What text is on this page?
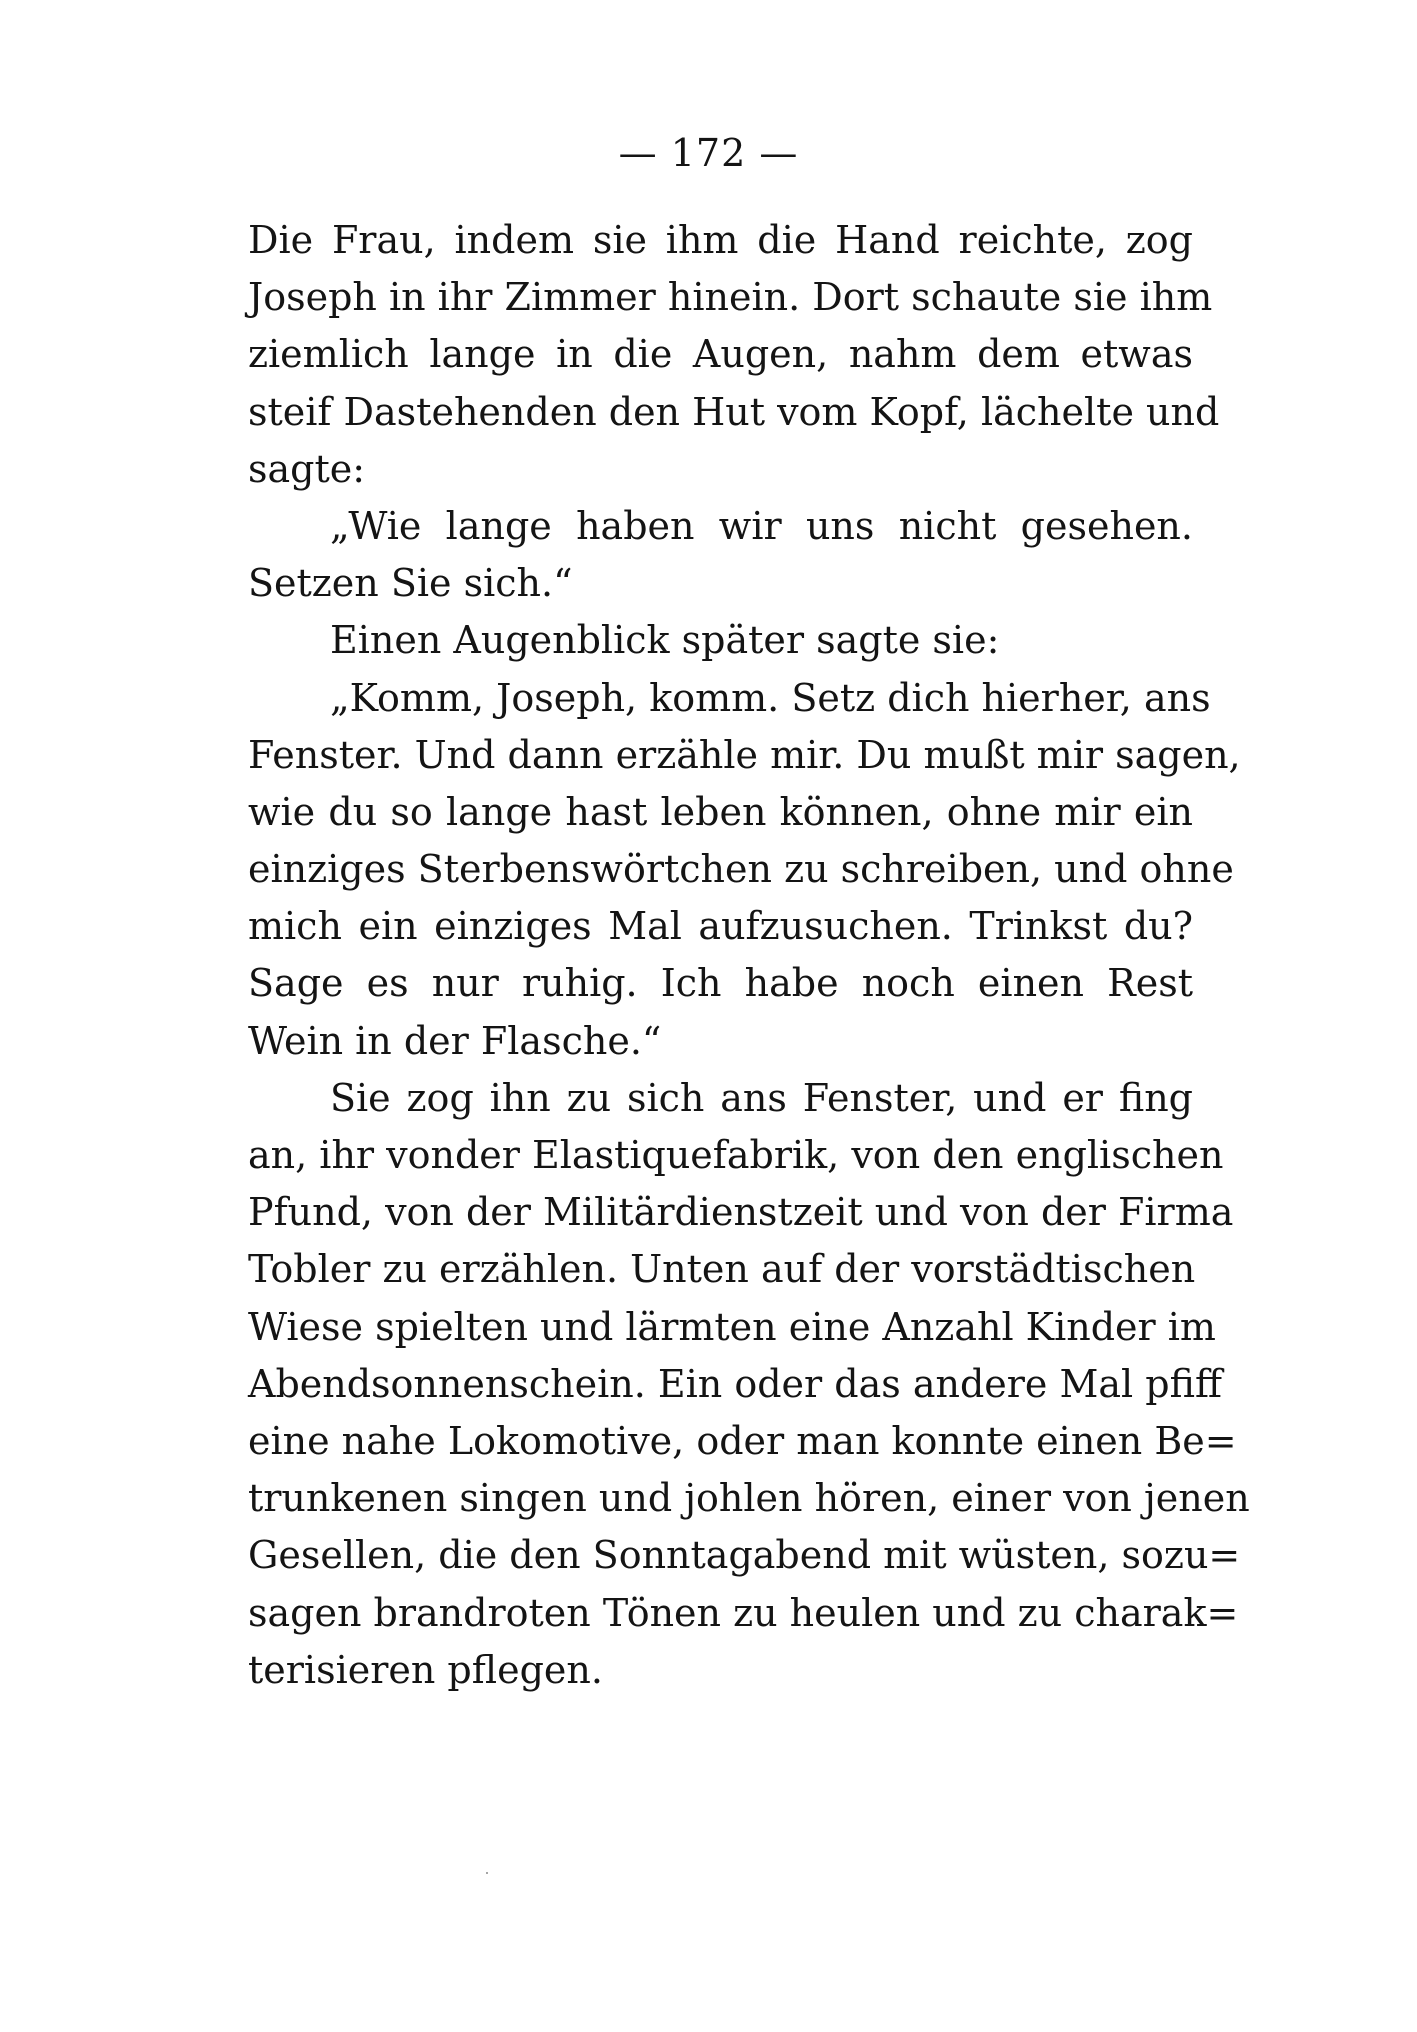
— 172 —
Die Frau, indem sie ihm die Hand reichte, zog
Joseph in ihr Zimmer hinein. Dort schaute sie ihm
ziemlich lange in die Augen, nahm dem etwas
steif Dastehenden den Hut vom Kopf, lächelte und
sagte:
„Wie lange haben wir uns nicht gesehen.
Setzen Sie sich.“
Einen Augenblick später sagte sie:
„Komm, Joseph, komm. Setz dich hierher, ans
Fenster. Und dann erzähle mir. Du mußt mir sagen,
wie du so lange hast leben können, ohne mir ein
einziges Sterbenswörtchen zu schreiben, und ohne
mich ein einziges Mal aufzusuchen. Trinkst du?
Sage es nur ruhig. Ich habe noch einen Rest
Wein in der Flasche.“
Sie zog ihn zu sich ans Fenster, und er fing
an, ihr vonder Elastiquefabrik, von den englischen
Pfund, von der Militärdienstzeit und von der Firma
Tobler zu erzählen. Unten auf der vorstädtischen
Wiese spielten und lärmten eine Anzahl Kinder im
Abendsonnenschein. Ein oder das andere Mal pfiff
eine nahe Lokomotive, oder man konnte einen Be=
trunkenen singen und johlen hören, einer von jenen
Gesellen, die den Sonntagabend mit wüsten, sozu=
sagen brandroten Tönen zu heulen und zu charak=
terisieren pflegen.
